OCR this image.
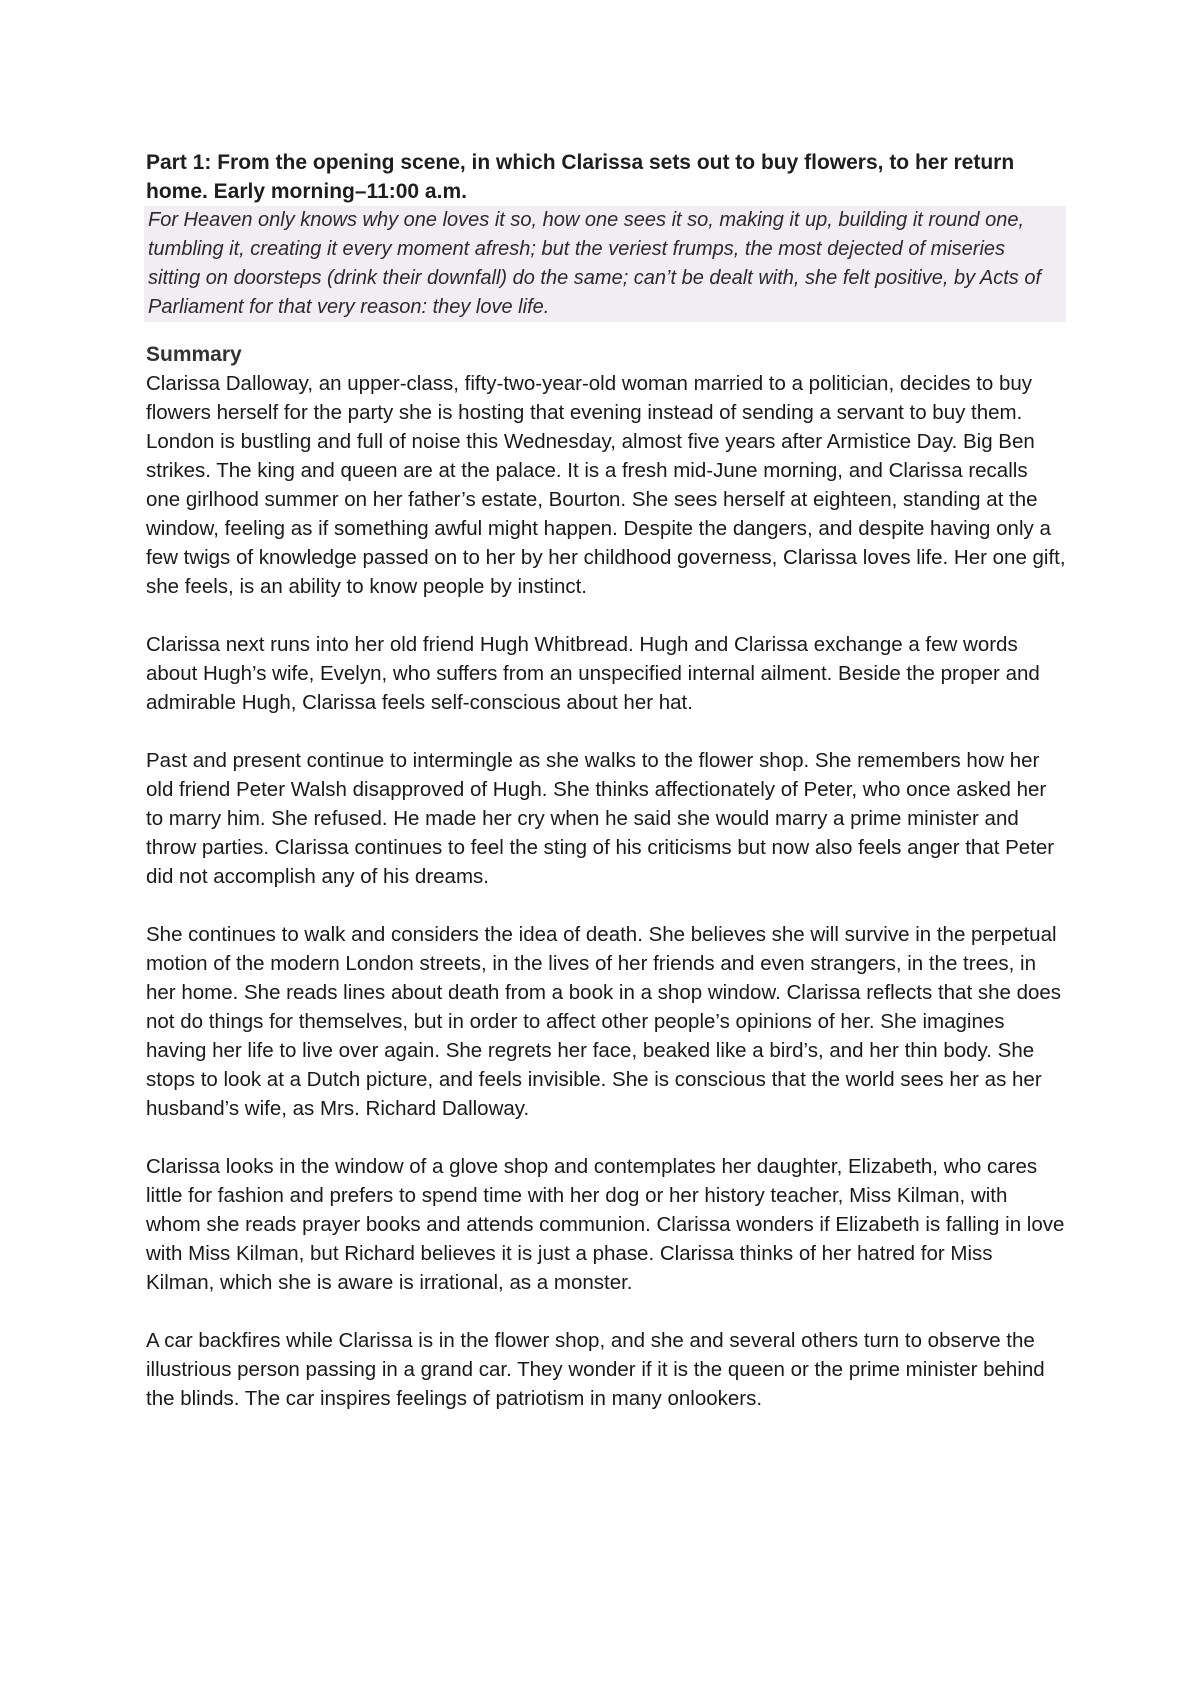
Part 1: From the opening scene, in which Clarissa sets out to buy flowers, to her return home. Early morning–11:00 a.m.

For Heaven only knows why one loves it so, how one sees it so, making it up, building it round one, tumbling it, creating it every moment afresh; but the veriest frumps, the most dejected of miseries sitting on doorsteps (drink their downfall) do the same; can’t be dealt with, she felt positive, by Acts of Parliament for that very reason: they love life.

Summary

Clarissa Dalloway, an upper-class, fifty-two-year-old woman married to a politician, decides to buy flowers herself for the party she is hosting that evening instead of sending a servant to buy them. London is bustling and full of noise this Wednesday, almost five years after Armistice Day. Big Ben strikes. The king and queen are at the palace. It is a fresh mid-June morning, and Clarissa recalls one girlhood summer on her father’s estate, Bourton. She sees herself at eighteen, standing at the window, feeling as if something awful might happen. Despite the dangers, and despite having only a few twigs of knowledge passed on to her by her childhood governess, Clarissa loves life. Her one gift, she feels, is an ability to know people by instinct.

Clarissa next runs into her old friend Hugh Whitbread. Hugh and Clarissa exchange a few words about Hugh’s wife, Evelyn, who suffers from an unspecified internal ailment. Beside the proper and admirable Hugh, Clarissa feels self-conscious about her hat.

Past and present continue to intermingle as she walks to the flower shop. She remembers how her old friend Peter Walsh disapproved of Hugh. She thinks affectionately of Peter, who once asked her to marry him. She refused. He made her cry when he said she would marry a prime minister and throw parties. Clarissa continues to feel the sting of his criticisms but now also feels anger that Peter did not accomplish any of his dreams.

She continues to walk and considers the idea of death. She believes she will survive in the perpetual motion of the modern London streets, in the lives of her friends and even strangers, in the trees, in her home. She reads lines about death from a book in a shop window. Clarissa reflects that she does not do things for themselves, but in order to affect other people’s opinions of her. She imagines having her life to live over again. She regrets her face, beaked like a bird’s, and her thin body. She stops to look at a Dutch picture, and feels invisible. She is conscious that the world sees her as her husband’s wife, as Mrs. Richard Dalloway.

Clarissa looks in the window of a glove shop and contemplates her daughter, Elizabeth, who cares little for fashion and prefers to spend time with her dog or her history teacher, Miss Kilman, with whom she reads prayer books and attends communion. Clarissa wonders if Elizabeth is falling in love with Miss Kilman, but Richard believes it is just a phase. Clarissa thinks of her hatred for Miss Kilman, which she is aware is irrational, as a monster.

A car backfires while Clarissa is in the flower shop, and she and several others turn to observe the illustrious person passing in a grand car. They wonder if it is the queen or the prime minister behind the blinds. The car inspires feelings of patriotism in many onlookers.
